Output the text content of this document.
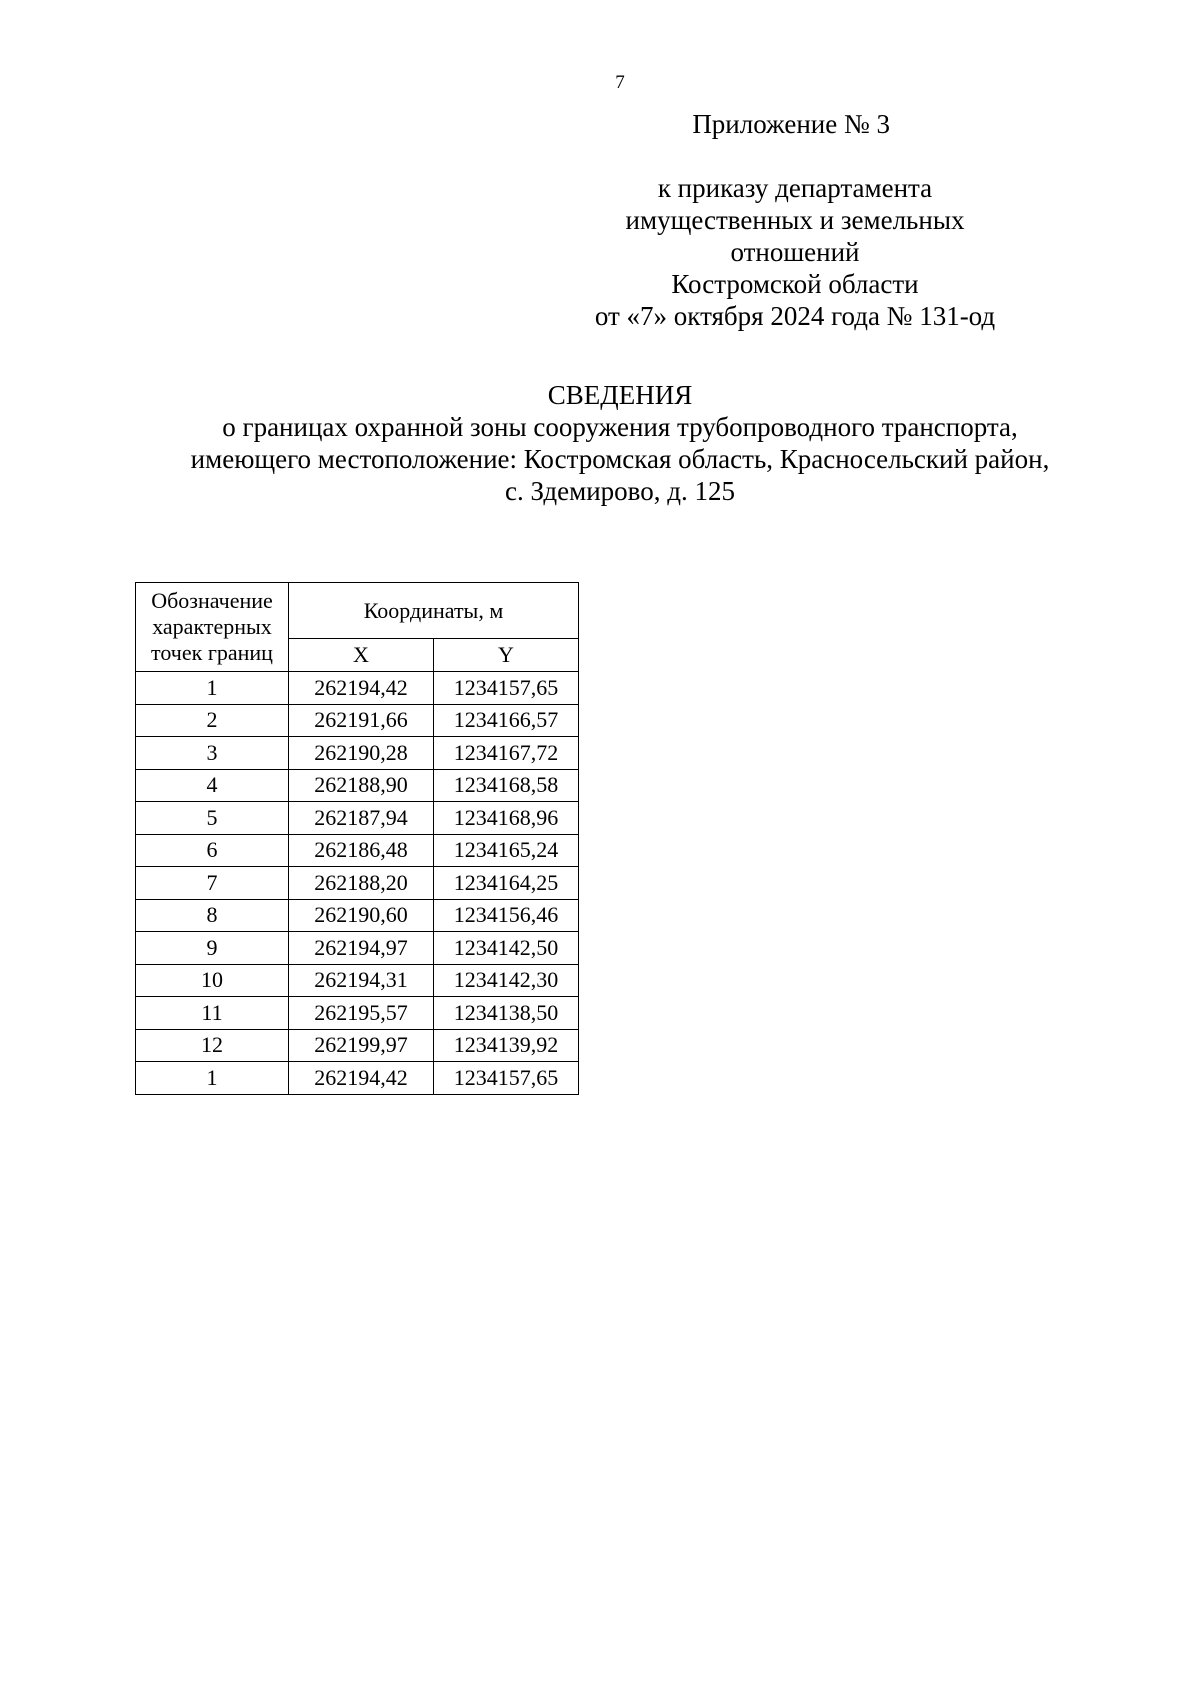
7
Приложение № 3
к приказу департамента
имущественных и земельных
отношений
Костромской области
от «7» октября 2024 года № 131-од
СВЕДЕНИЯ
о границах охранной зоны сооружения трубопроводного транспорта,
имеющего местоположение: Костромская область, Красносельский район,
с. Здемирово, д. 125
Обозначение
характерных
точек границ	Координаты, м	
	X	Y
1	262194,42	1234157,65
2	262191,66	1234166,57
3	262190,28	1234167,72
4	262188,90	1234168,58
5	262187,94	1234168,96
6	262186,48	1234165,24
7	262188,20	1234164,25
8	262190,60	1234156,46
9	262194,97	1234142,50
10	262194,31	1234142,30
11	262195,57	1234138,50
12	262199,97	1234139,92
1	262194,42	1234157,65
